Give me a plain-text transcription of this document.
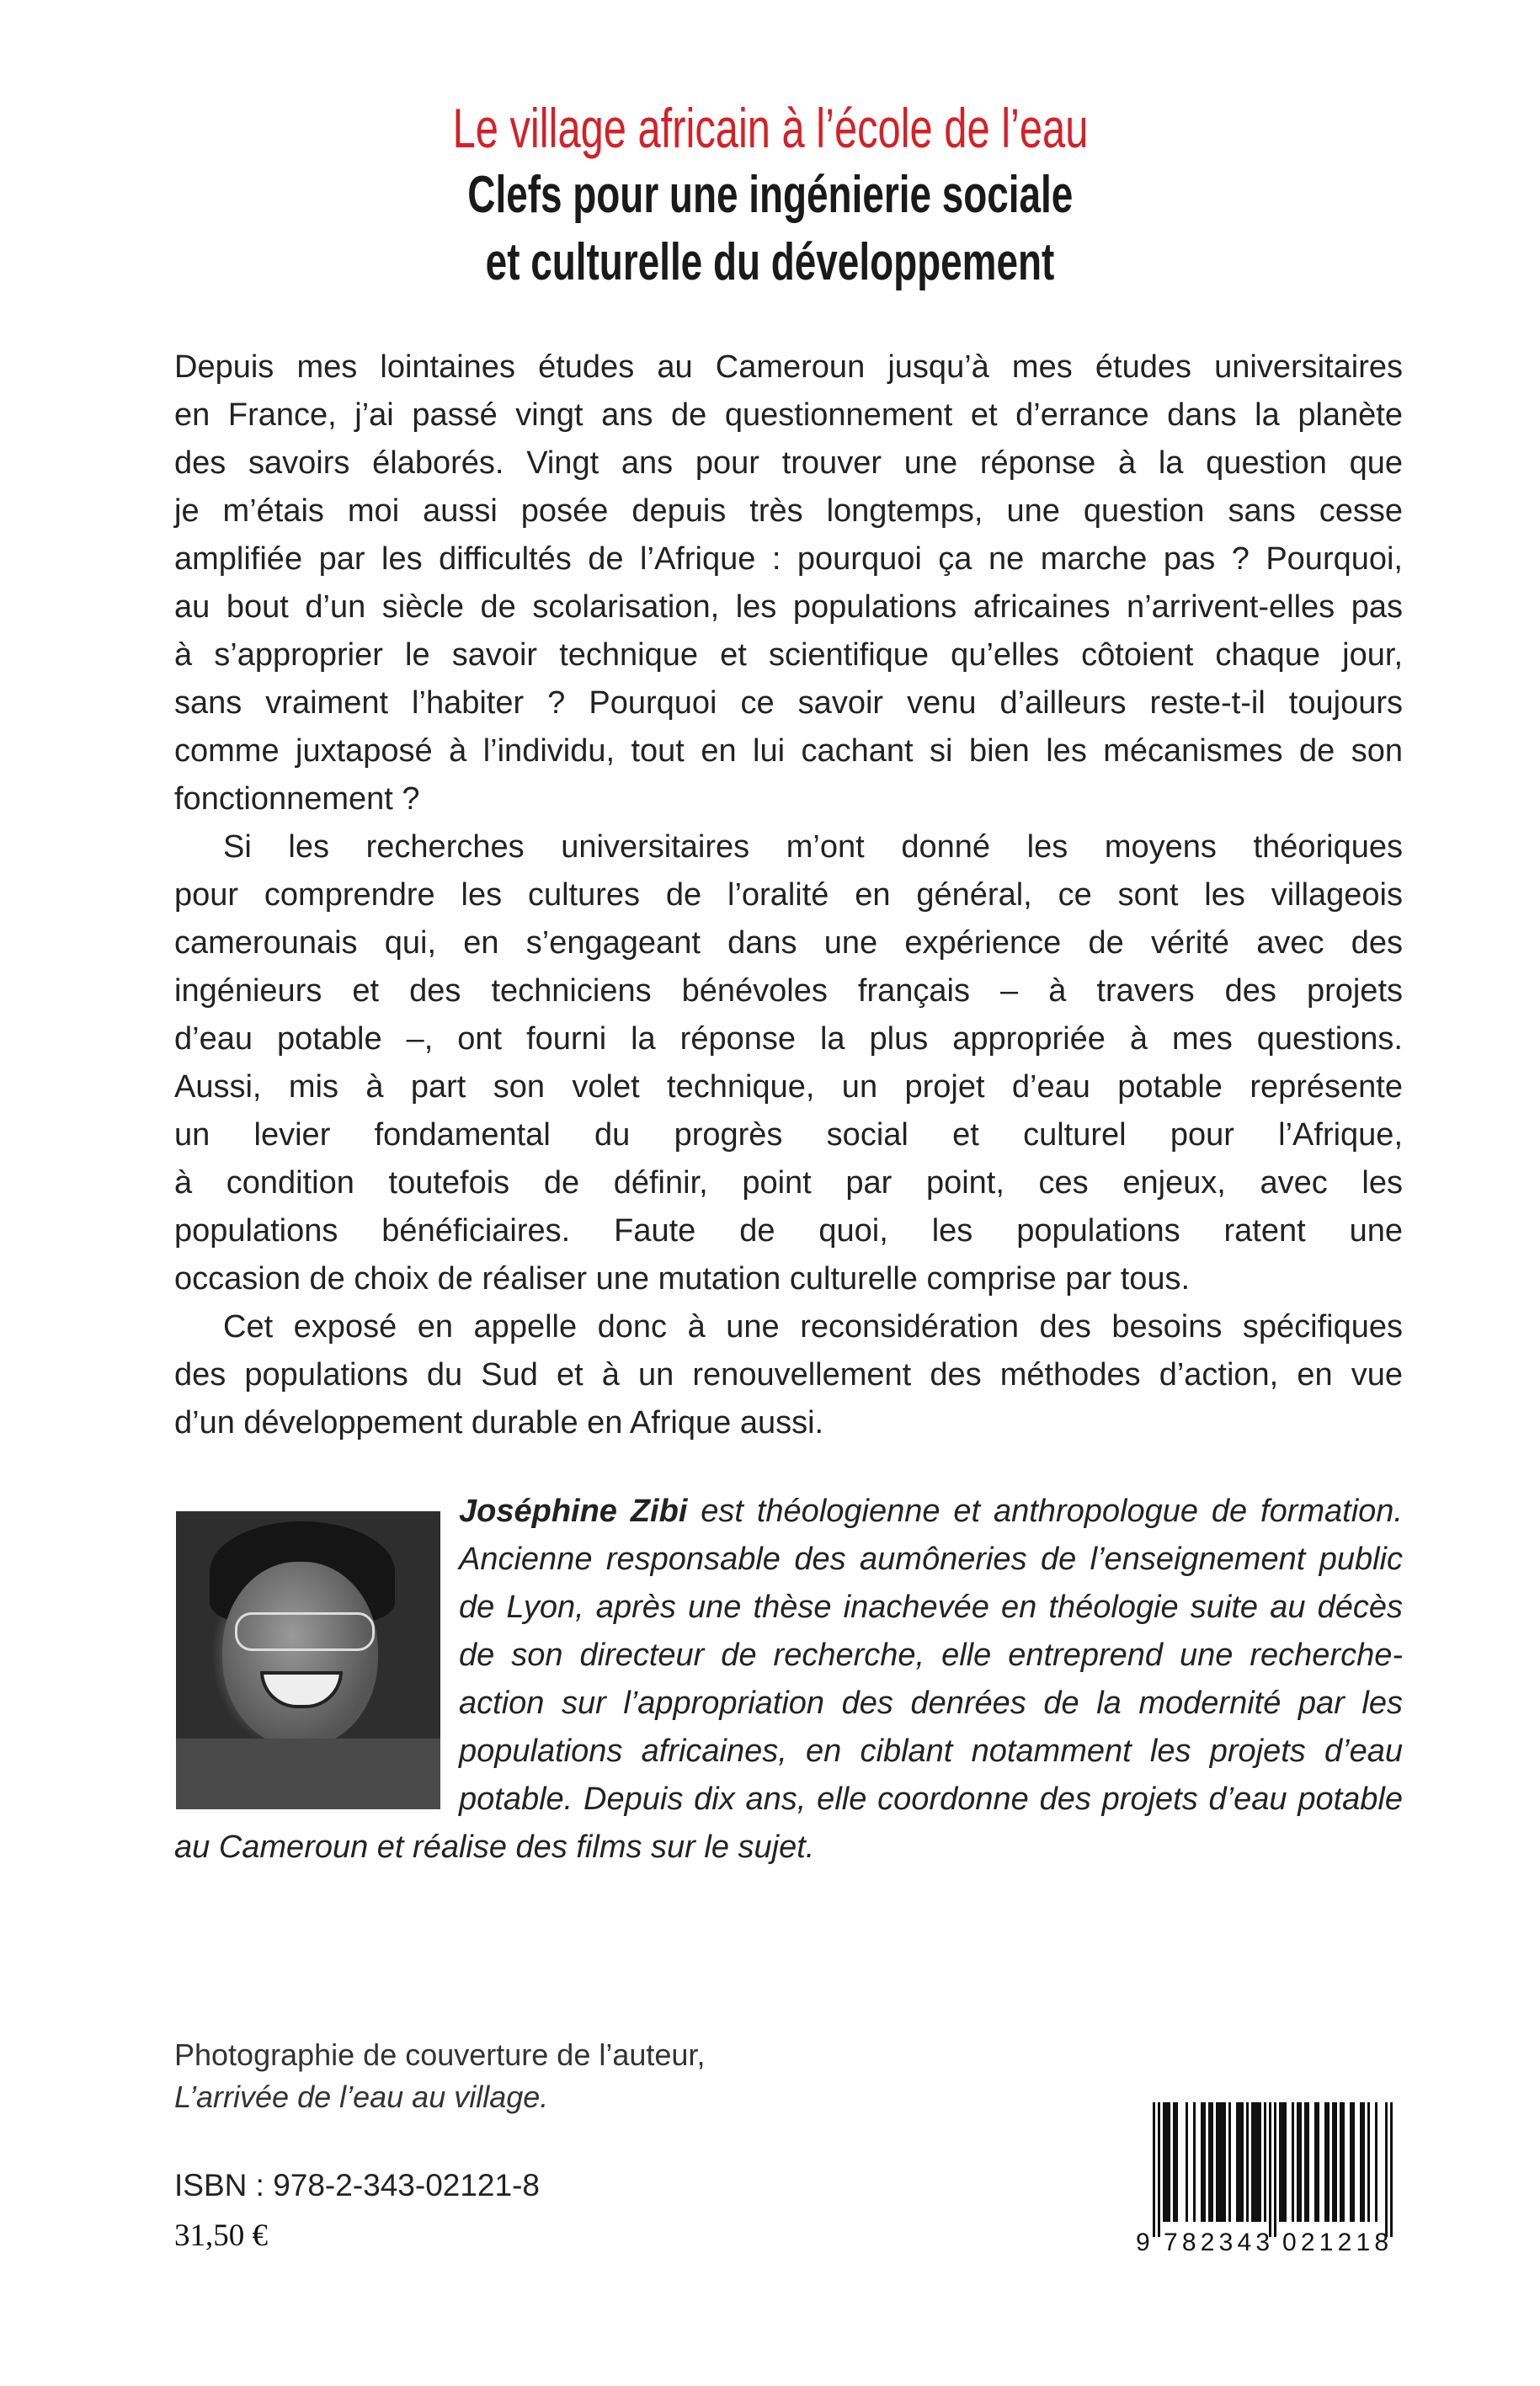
Le village africain à l’école de l’eau
Clefs pour une ingénierie sociale
et culturelle du développement
Depuis mes lointaines études au Cameroun jusqu’à mes études universitaires
en France, j’ai passé vingt ans de questionnement et d’errance dans la planète
des savoirs élaborés. Vingt ans pour trouver une réponse à la question que
je m’étais moi aussi posée depuis très longtemps, une question sans cesse
amplifiée par les difficultés de l’Afrique : pourquoi ça ne marche pas ? Pourquoi,
au bout d’un siècle de scolarisation, les populations africaines n’arrivent-elles pas
à s’approprier le savoir technique et scientifique qu’elles côtoient chaque jour,
sans vraiment l’habiter ? Pourquoi ce savoir venu d’ailleurs reste-t-il toujours
comme juxtaposé à l’individu, tout en lui cachant si bien les mécanismes de son
fonctionnement ?
Si les recherches universitaires m’ont donné les moyens théoriques
pour comprendre les cultures de l’oralité en général, ce sont les villageois
camerounais qui, en s’engageant dans une expérience de vérité avec des
ingénieurs et des techniciens bénévoles français – à travers des projets
d’eau potable –, ont fourni la réponse la plus appropriée à mes questions.
Aussi, mis à part son volet technique, un projet d’eau potable représente
un levier fondamental du progrès social et culturel pour l’Afrique,
à condition toutefois de définir, point par point, ces enjeux, avec les
populations bénéficiaires. Faute de quoi, les populations ratent une
occasion de choix de réaliser une mutation culturelle comprise par tous.
Cet exposé en appelle donc à une reconsidération des besoins spécifiques
des populations du Sud et à un renouvellement des méthodes d’action, en vue
d’un développement durable en Afrique aussi.
Joséphine Zibi est théologienne et anthropologue de formation.
Ancienne responsable des aumôneries de l’enseignement public
de Lyon, après une thèse inachevée en théologie suite au décès
de son directeur de recherche, elle entreprend une recherche-
action sur l’appropriation des denrées de la modernité par les
populations africaines, en ciblant notamment les projets d’eau
potable. Depuis dix ans, elle coordonne des projets d’eau potable
au Cameroun et réalise des films sur le sujet.
Photographie de couverture de l’auteur,
L’arrivée de l’eau au village.
ISBN : 978-2-343-02121-8
31,50 €	9 782343 021218
